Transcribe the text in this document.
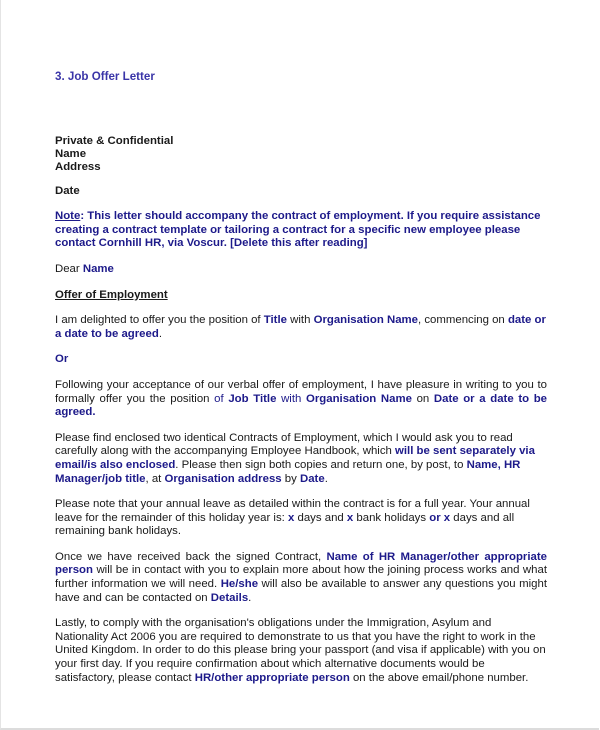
3. Job Offer Letter

Private & Confidential
Name
Address

Date

Note: This letter should accompany the contract of employment. If you require assistance creating a contract template or tailoring a contract for a specific new employee please contact Cornhill HR, via Voscur. [Delete this after reading]

Dear Name

Offer of Employment

I am delighted to offer you the position of Title with Organisation Name, commencing on date or a date to be agreed.

Or

Following your acceptance of our verbal offer of employment, I have pleasure in writing to you to formally offer you the position of Job Title with Organisation Name on Date or a date to be agreed.

Please find enclosed two identical Contracts of Employment, which I would ask you to read carefully along with the accompanying Employee Handbook, which will be sent separately via email/is also enclosed. Please then sign both copies and return one, by post, to Name, HR Manager/job title, at Organisation address by Date.

Please note that your annual leave as detailed within the contract is for a full year. Your annual leave for the remainder of this holiday year is: x days and x bank holidays or x days and all remaining bank holidays.

Once we have received back the signed Contract, Name of HR Manager/other appropriate person will be in contact with you to explain more about how the joining process works and what further information we will need. He/she will also be available to answer any questions you might have and can be contacted on Details.

Lastly, to comply with the organisation's obligations under the Immigration, Asylum and Nationality Act 2006 you are required to demonstrate to us that you have the right to work in the United Kingdom. In order to do this please bring your passport (and visa if applicable) with you on your first day. If you require confirmation about which alternative documents would be satisfactory, please contact HR/other appropriate person on the above email/phone number.
